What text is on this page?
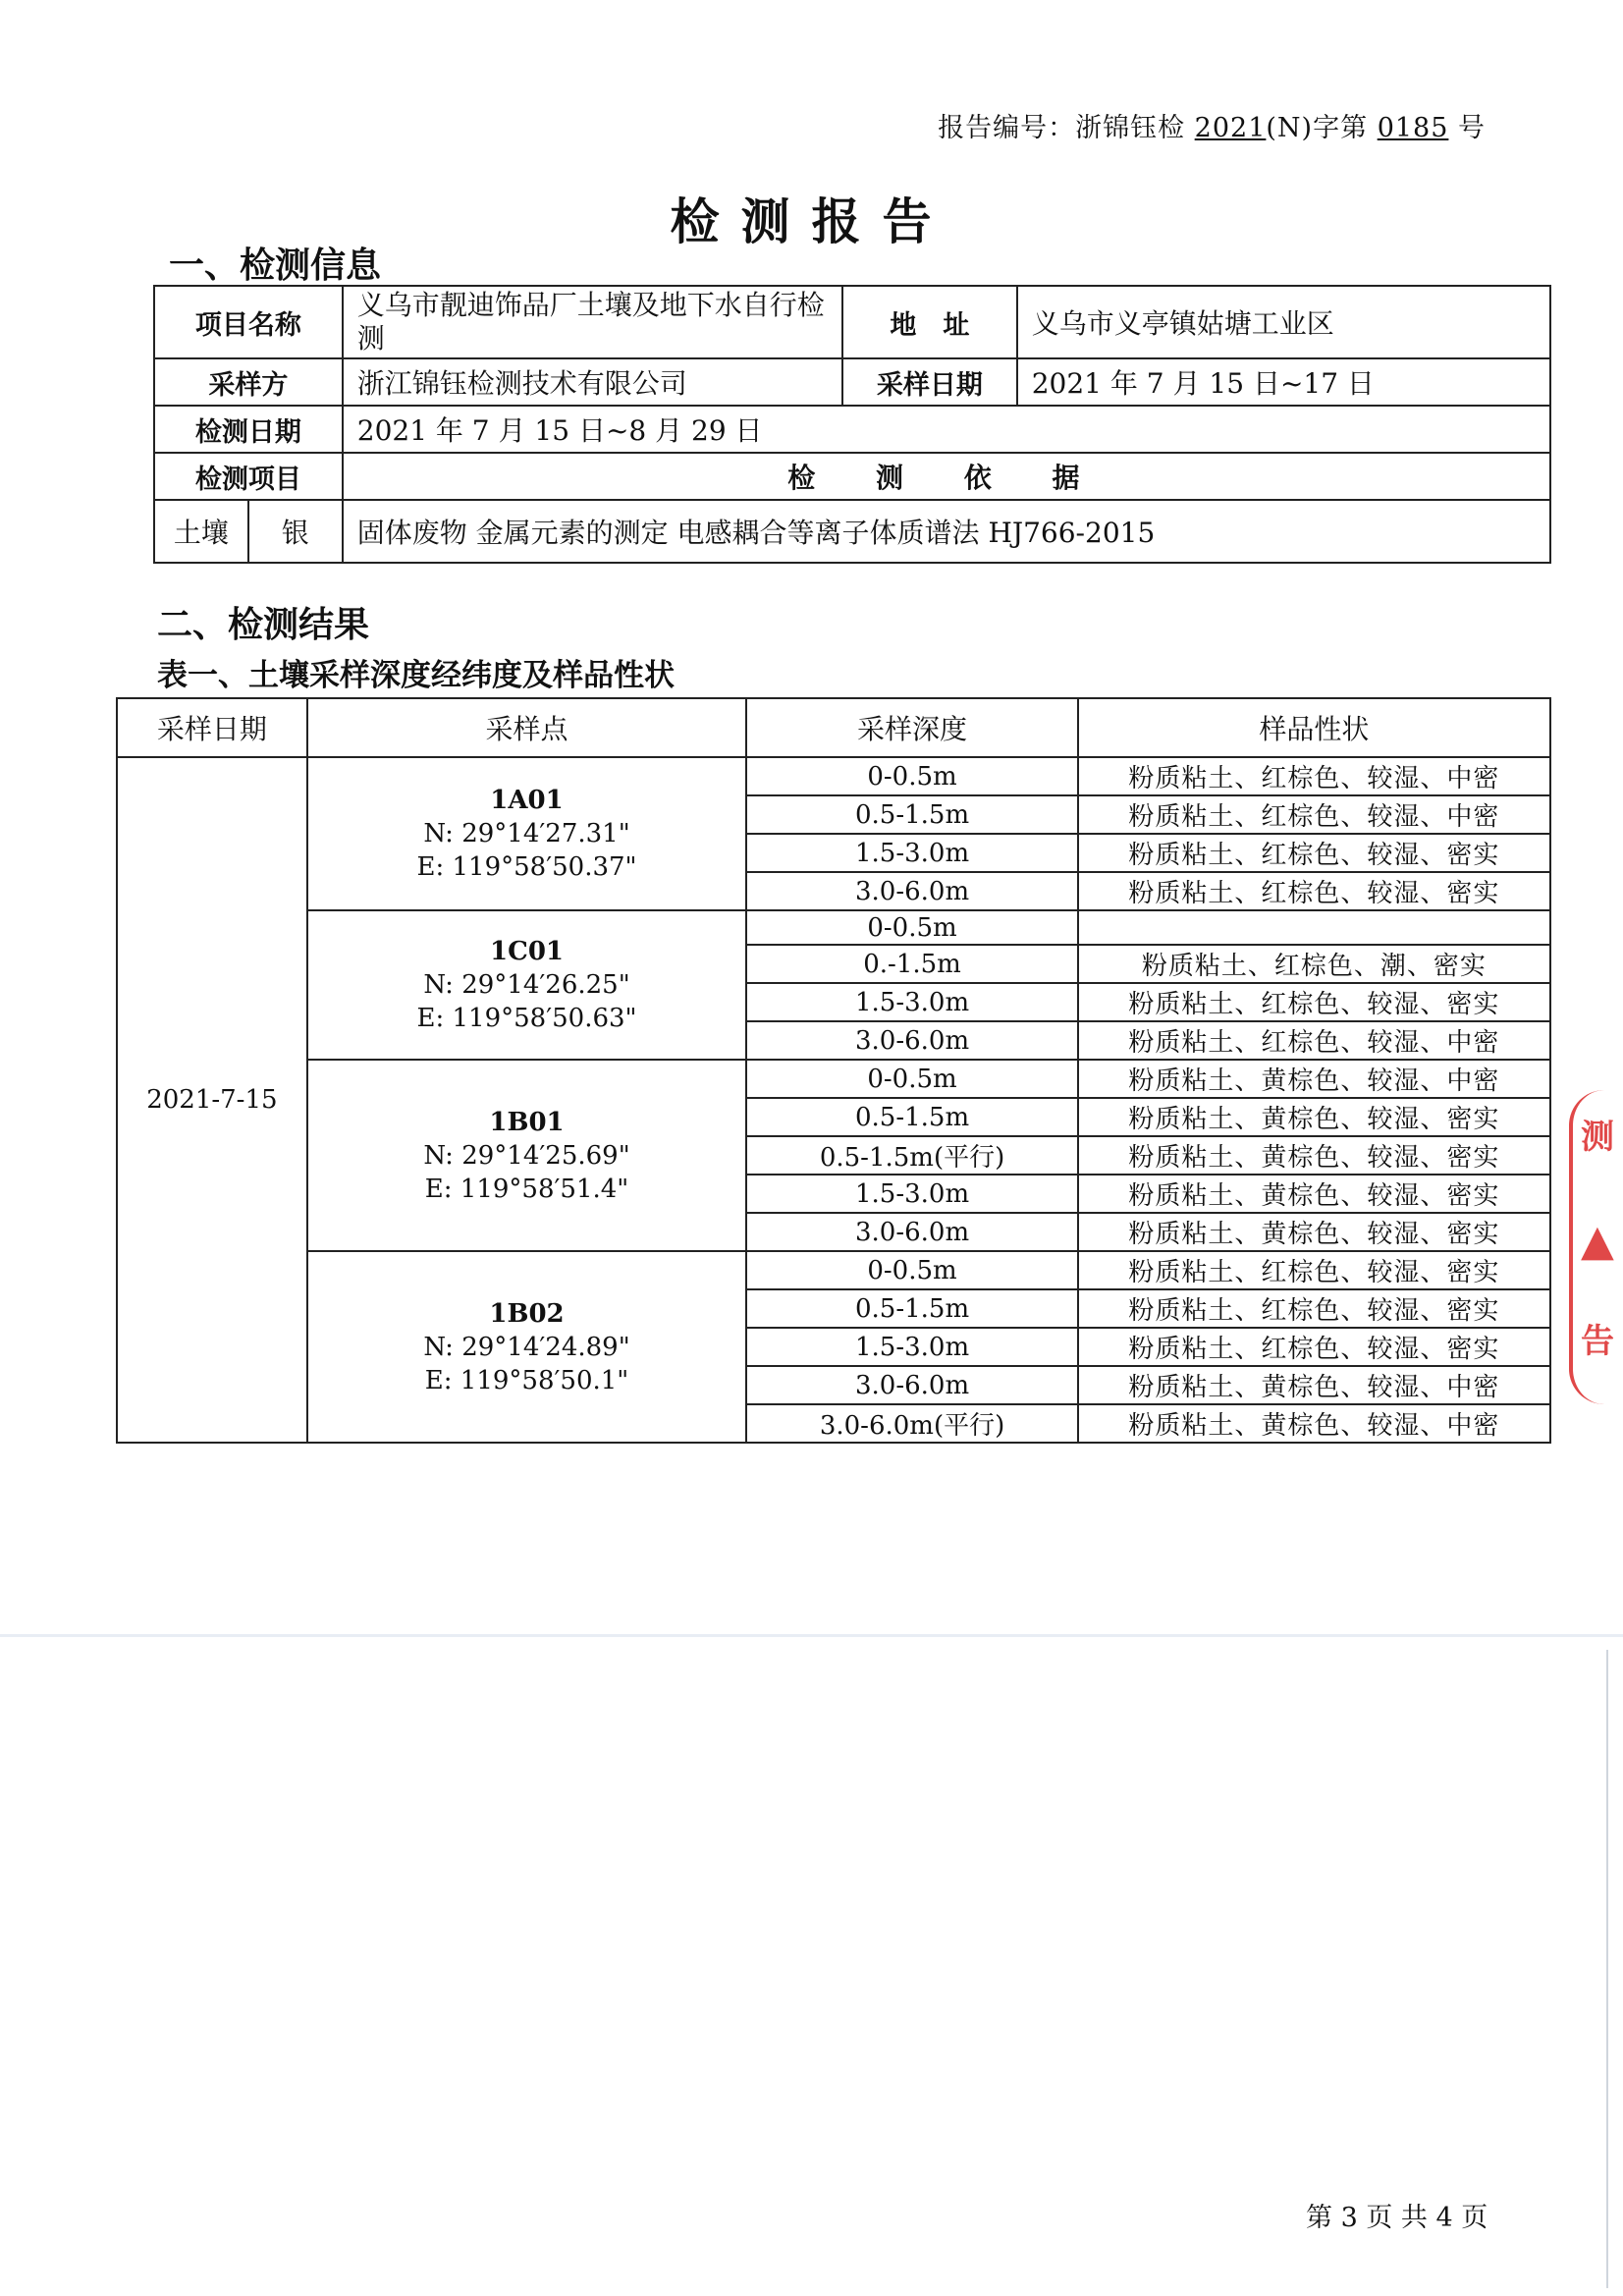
报告编号：浙锦钰检 2021(N)字第 0185 号
检测报告
一、检测信息
项目名称		义乌市靓迪饰品厂土壤及地下水自行检测	地　址	义乌市义亭镇姑塘工业区
采样方		浙江锦钰检测技术有限公司	采样日期	2021 年 7 月 15 日~17 日
检测日期		2021 年 7 月 15 日~8 月 29 日		
检测项目		检 测 依 据		
土壤	银	固体废物 金属元素的测定 电感耦合等离子体质谱法 HJ766-2015		
二、检测结果
表一、土壤采样深度经纬度及样品性状
采样日期	采样点	采样深度	样品性状
2021-7-15	1A01
N: 29°14′27.31"
E: 119°58′50.37"	0-0.5m	粉质粘土、红棕色、较湿、中密
		0.5-1.5m	粉质粘土、红棕色、较湿、中密
		1.5-3.0m	粉质粘土、红棕色、较湿、密实
		3.0-6.0m	粉质粘土、红棕色、较湿、密实

	1C01
N: 29°14′26.25"
E: 119°58′50.63"	0-0.5m	
		0.-1.5m	粉质粘土、红棕色、潮、密实
		1.5-3.0m	粉质粘土、红棕色、较湿、密实
		3.0-6.0m	粉质粘土、红棕色、较湿、中密

	1B01
N: 29°14′25.69"
E: 119°58′51.4"	0-0.5m	粉质粘土、黄棕色、较湿、中密
		0.5-1.5m	粉质粘土、黄棕色、较湿、密实
		0.5-1.5m(平行)	粉质粘土、黄棕色、较湿、密实
		1.5-3.0m	粉质粘土、黄棕色、较湿、密实
		3.0-6.0m	粉质粘土、黄棕色、较湿、密实

	1B02
N: 29°14′24.89"
E: 119°58′50.1"	0-0.5m	粉质粘土、红棕色、较湿、密实
		0.5-1.5m	粉质粘土、红棕色、较湿、密实
		1.5-3.0m	粉质粘土、红棕色、较湿、密实
		3.0-6.0m	粉质粘土、黄棕色、较湿、中密
		3.0-6.0m(平行)	粉质粘土、黄棕色、较湿、中密
测
▲
告
第 3 页 共 4 页
